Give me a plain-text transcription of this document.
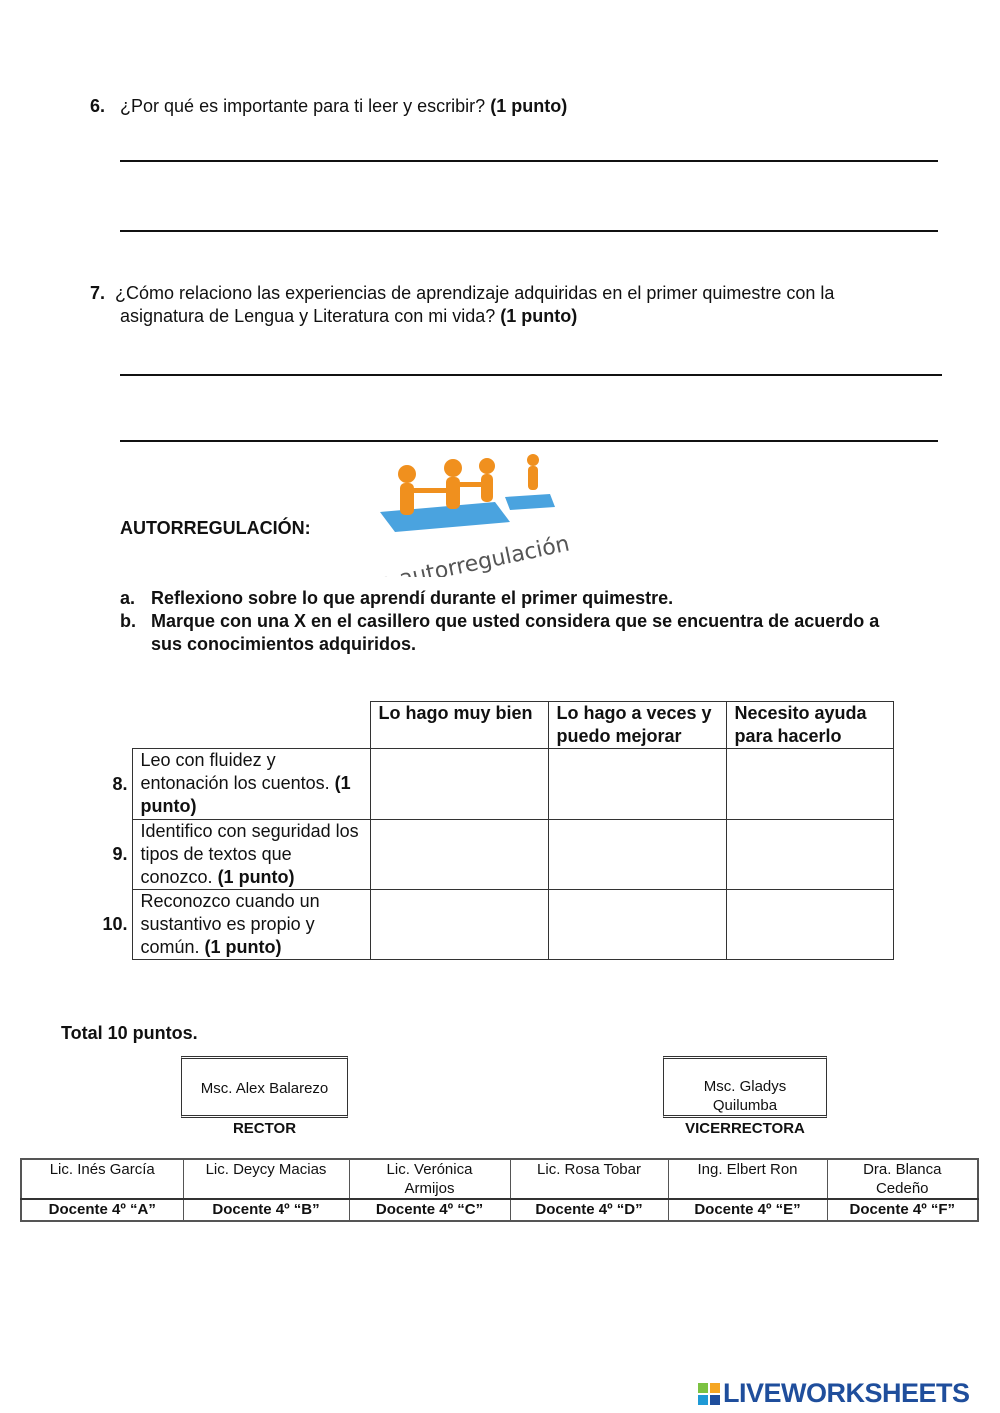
6. ¿Por qué es importante para ti leer y escribir? (1 punto)
7. ¿Cómo relaciono las experiencias de aprendizaje adquiridas en el primer quimestre con la
asignatura de Lengua y Literatura con mi vida? (1 punto)
AUTORREGULACIÓN:
a autorregulación
a. Reflexiono sobre lo que aprendí durante el primer quimestre.
b. Marque con una X en el casillero que usted considera que se encuentra de acuerdo a sus conocimientos adquiridos.
		Lo hago muy bien	Lo hago a veces y puedo mejorar	Necesito ayuda para hacerlo
8.	Leo con fluidez y entonación los cuentos. (1 punto)			
9.	Identifico con seguridad los tipos de textos que conozco. (1 punto)			
10.	Reconozco cuando un sustantivo es propio y común. (1 punto)			
Total 10 puntos.
Msc. Alex Balarezo
RECTOR
Msc. Gladys Quilumba
VICERRECTORA
Lic. Inés García	Lic. Deycy Macias	Lic. Verónica Armijos	Lic. Rosa Tobar	Ing. Elbert Ron	Dra. Blanca Cedeño
Docente 4º “A”	Docente 4º “B”	Docente 4º “C”	Docente 4º “D”	Docente 4º “E”	Docente 4º “F”
LIVEWORKSHEETS
